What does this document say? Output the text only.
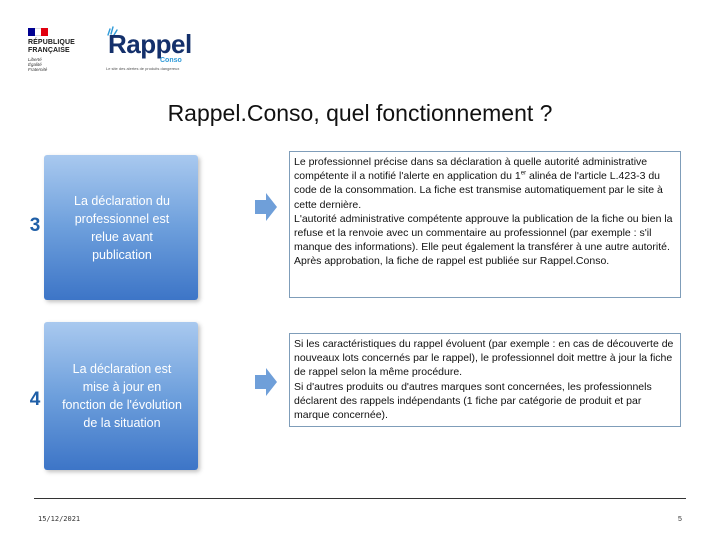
RÉPUBLIQUE
FRANÇAISE
Liberté
Égalité
Fraternité
Rappel
Conso
Le site des alertes de produits dangereux
Rappel.Conso, quel fonctionnement ?
3
La déclaration du professionnel est relue avant publication

Le professionnel précise dans sa déclaration à quelle autorité administrative compétente il a notifié l'alerte en application du 1er alinéa de l'article L.423-3 du code de la consommation. La fiche est transmise automatiquement par le site à cette dernière.

L'autorité administrative compétente approuve la publication de la fiche ou bien la refuse et la renvoie avec un commentaire au professionnel (par exemple : s'il manque des informations). Elle peut également la transférer à une autre autorité.

Après approbation, la fiche de rappel est publiée sur Rappel.Conso.

4
La déclaration est mise à jour en fonction de l'évolution de la situation

Si les caractéristiques du rappel évoluent (par exemple : en cas de découverte de nouveaux lots concernés par le rappel), le professionnel doit mettre à jour la fiche de rappel selon la même procédure.

Si d'autres produits ou d'autres marques sont concernées, les professionnels déclarent des rappels indépendants (1 fiche par catégorie de produit et par marque concernée).

15/12/2021	5
